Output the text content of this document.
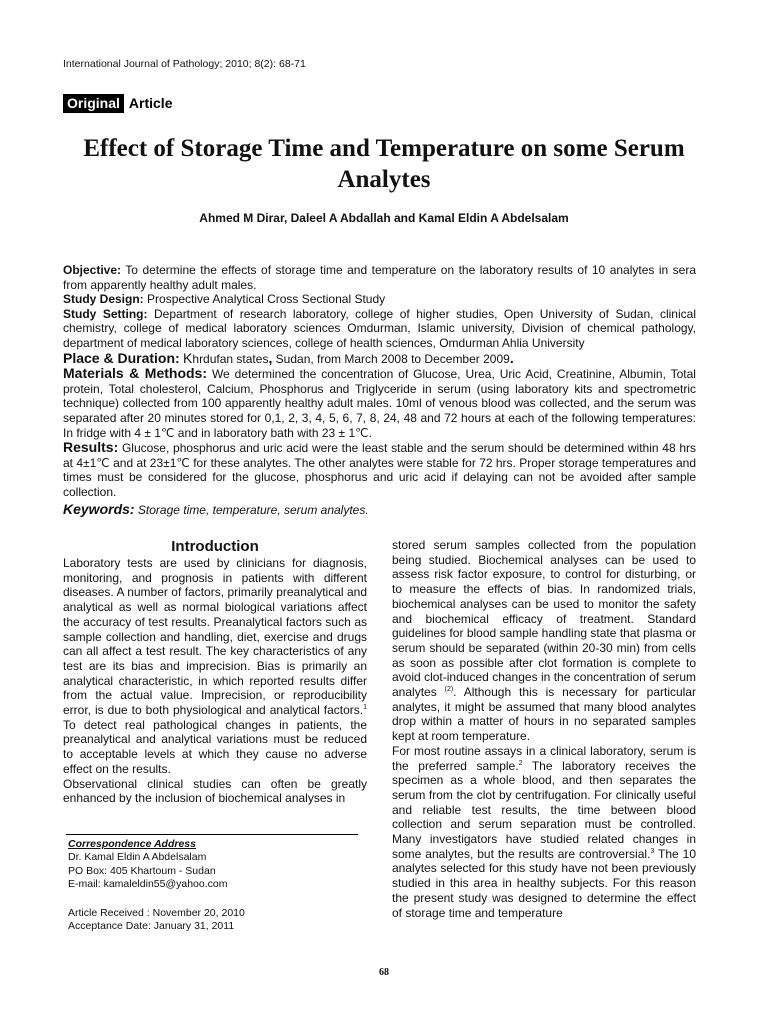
International Journal of Pathology; 2010; 8(2): 68-71
Original Article
Effect of Storage Time and Temperature on some Serum Analytes
Ahmed M Dirar, Daleel A Abdallah and Kamal Eldin A Abdelsalam

Objective: To determine the effects of storage time and temperature on the laboratory results of 10 analytes in sera from apparently healthy adult males.

Study Design: Prospective Analytical Cross Sectional Study

Study Setting: Department of research laboratory, college of higher studies, Open University of Sudan, clinical chemistry, college of medical laboratory sciences Omdurman, Islamic university, Division of chemical pathology, department of medical laboratory sciences, college of health sciences, Omdurman Ahlia University

Place & Duration: Khrdufan states, Sudan, from March 2008 to December 2009.

Materials & Methods: We determined the concentration of Glucose, Urea, Uric Acid, Creatinine, Albumin, Total protein, Total cholesterol, Calcium, Phosphorus and Triglyceride in serum (using laboratory kits and spectrometric technique) collected from 100 apparently healthy adult males. 10ml of venous blood was collected, and the serum was separated after 20 minutes stored for 0,1, 2, 3, 4, 5, 6, 7, 8, 24, 48 and 72 hours at each of the following temperatures: In fridge with 4 ± 1℃ and in laboratory bath with 23 ± 1℃.

Results: Glucose, phosphorus and uric acid were the least stable and the serum should be determined within 48 hrs at 4±1℃ and at 23±1℃ for these analytes. The other analytes were stable for 72 hrs. Proper storage temperatures and times must be considered for the glucose, phosphorus and uric acid if delaying can not be avoided after sample collection.

Keywords: Storage time, temperature, serum analytes.

Introduction

Laboratory tests are used by clinicians for diagnosis, monitoring, and prognosis in patients with different diseases. A number of factors, primarily preanalytical and analytical as well as normal biological variations affect the accuracy of test results. Preanalytical factors such as sample collection and handling, diet, exercise and drugs can all affect a test result. The key characteristics of any test are its bias and imprecision. Bias is primarily an analytical characteristic, in which reported results differ from the actual value. Imprecision, or reproducibility error, is due to both physiological and analytical factors.$^1$ To detect real pathological changes in patients, the preanalytical and analytical variations must be reduced to acceptable levels at which they cause no adverse effect on the results.

Observational clinical studies can often be greatly enhanced by the inclusion of biochemical analyses in

Correspondence Address
Dr. Kamal Eldin A Abdelsalam
PO Box: 405 Khartoum - Sudan
E-mail: kamaleldin55@yahoo.com
Article Received : November 20, 2010
Acceptance Date: January 31, 2011

stored serum samples collected from the population being studied. Biochemical analyses can be used to assess risk factor exposure, to control for disturbing, or to measure the effects of bias. In randomized trials, biochemical analyses can be used to monitor the safety and biochemical efficacy of treatment. Standard guidelines for blood sample handling state that plasma or serum should be separated (within 20-30 min) from cells as soon as possible after clot formation is complete to avoid clot-induced changes in the concentration of serum analytes $^{(2)}$. Although this is necessary for particular analytes, it might be assumed that many blood analytes drop within a matter of hours in no separated samples kept at room temperature.

For most routine assays in a clinical laboratory, serum is the preferred sample.$^2$ The laboratory receives the specimen as a whole blood, and then separates the serum from the clot by centrifugation. For clinically useful and reliable test results, the time between blood collection and serum separation must be controlled. Many investigators have studied related changes in some analytes, but the results are controversial.$^3$ The 10 analytes selected for this study have not been previously studied in this area in healthy subjects. For this reason the present study was designed to determine the effect of storage time and temperature

68
